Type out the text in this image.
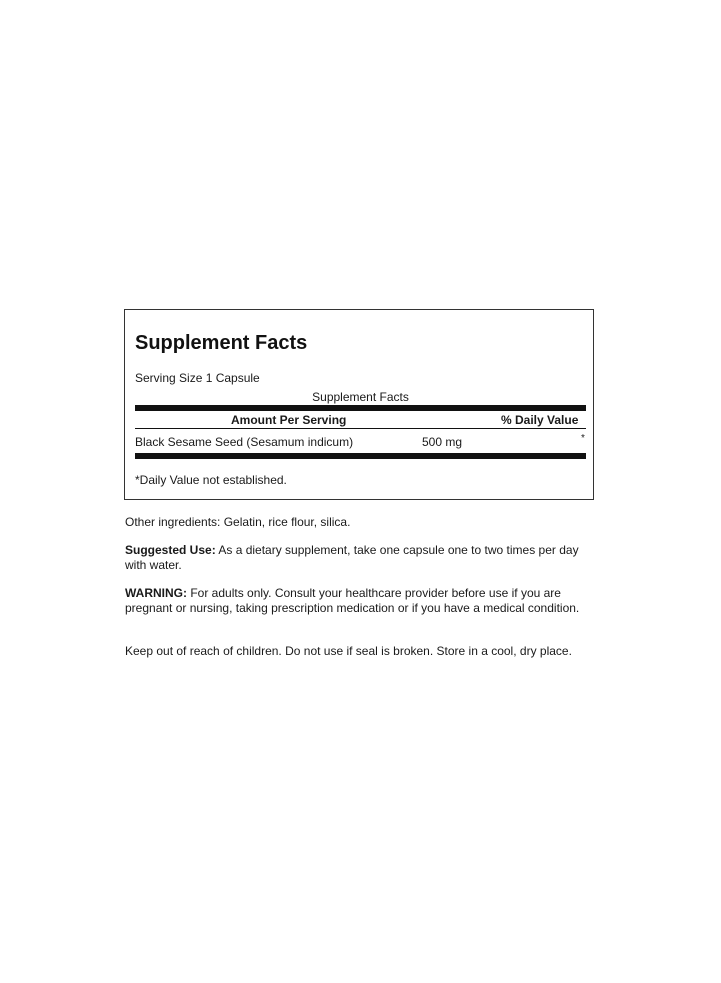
Supplement Facts
Serving Size 1 Capsule
Supplement Facts
Amount Per Serving	% Daily Value
Black Sesame Seed (Sesamum indicum)	500 mg	*
*Daily Value not established.

Other ingredients: Gelatin, rice flour, silica.

Suggested Use: As a dietary supplement, take one capsule one to two times per day with water.

WARNING: For adults only. Consult your healthcare provider before use if you are pregnant or nursing, taking prescription medication or if you have a medical condition.

Keep out of reach of children. Do not use if seal is broken. Store in a cool, dry place.
